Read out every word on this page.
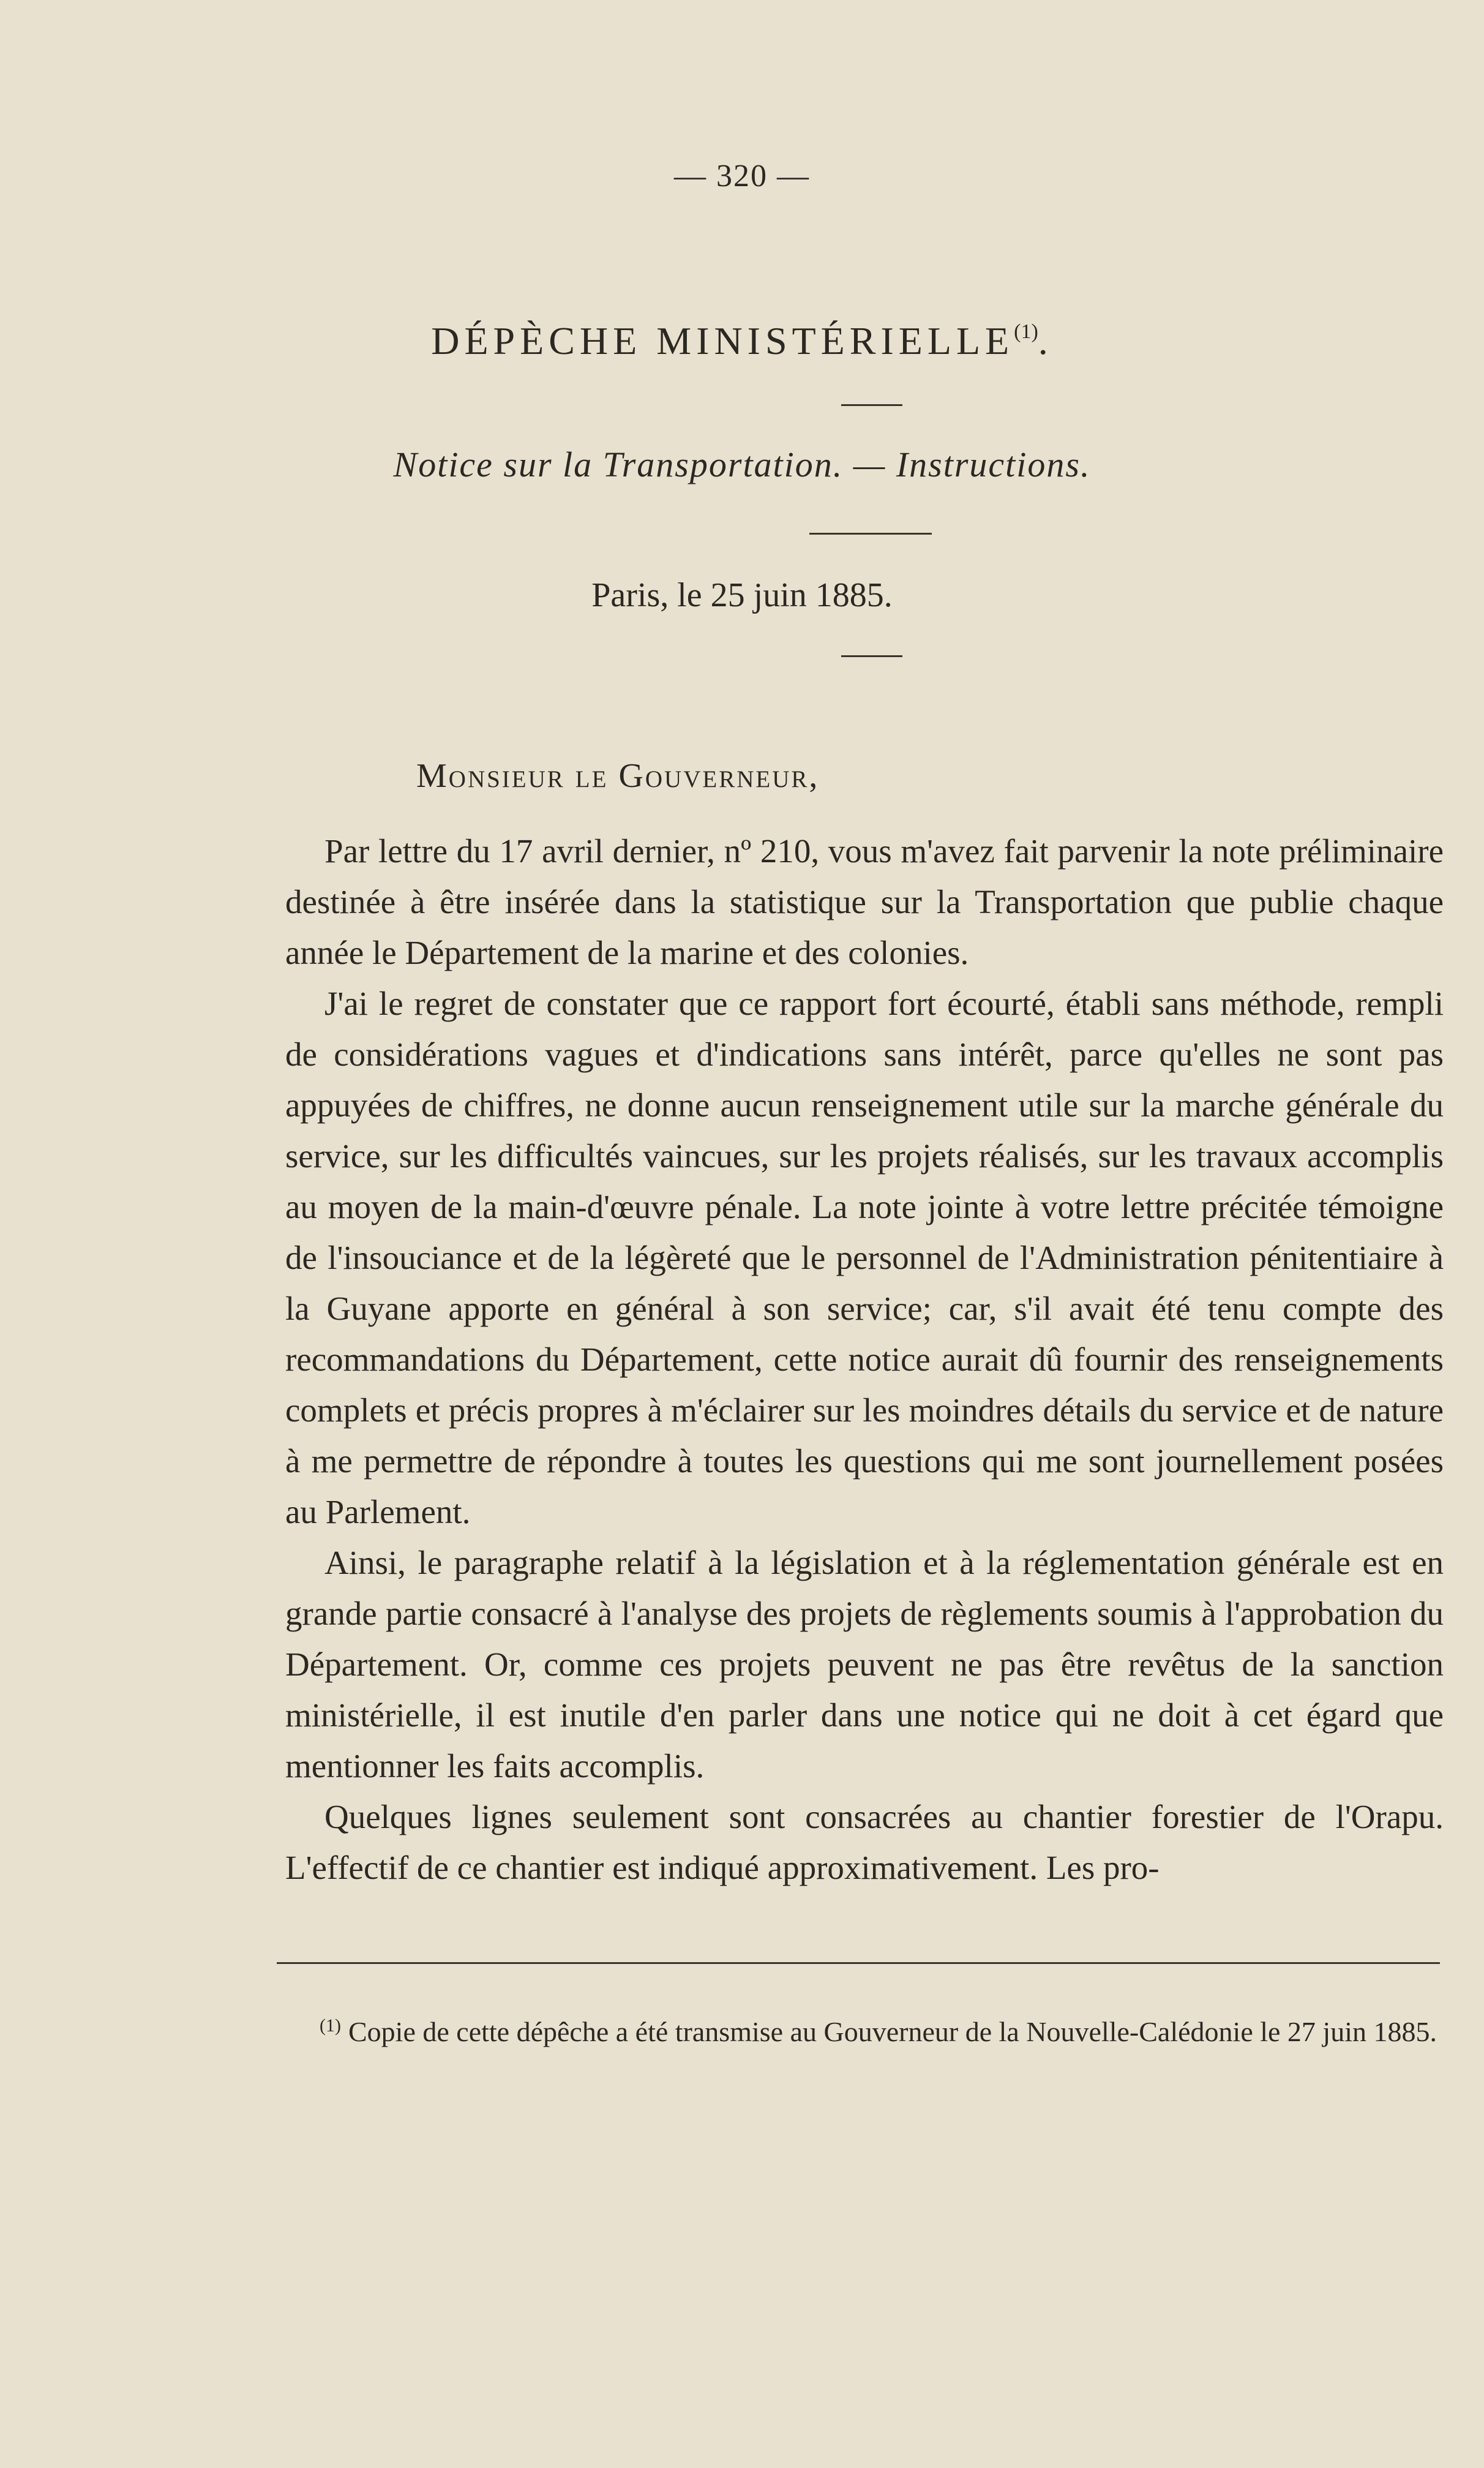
— 320 —
DÉPÈCHE MINISTÉRIELLE$^{(1)}$.
Notice sur la Transportation. — Instructions.
Paris, le 25 juin 1885.
Monsieur le Gouverneur,

Par lettre du 17 avril dernier, nº 210, vous m'avez fait parvenir la note préliminaire destinée à être insérée dans la statistique sur la Transportation que publie chaque année le Département de la marine et des colonies.

J'ai le regret de constater que ce rapport fort écourté, établi sans méthode, rempli de considérations vagues et d'indications sans intérêt, parce qu'elles ne sont pas appuyées de chiffres, ne donne aucun renseignement utile sur la marche générale du service, sur les difficultés vaincues, sur les projets réalisés, sur les travaux accomplis au moyen de la main-d'œuvre pénale. La note jointe à votre lettre précitée témoigne de l'insouciance et de la légèreté que le personnel de l'Administration pénitentiaire à la Guyane apporte en général à son service; car, s'il avait été tenu compte des recommandations du Département, cette notice aurait dû fournir des renseignements complets et précis propres à m'éclairer sur les moindres détails du service et de nature à me permettre de répondre à toutes les questions qui me sont journellement posées au Parlement.

Ainsi, le paragraphe relatif à la législation et à la réglementation générale est en grande partie consacré à l'analyse des projets de règlements soumis à l'approbation du Département. Or, comme ces projets peuvent ne pas être revêtus de la sanction ministérielle, il est inutile d'en parler dans une notice qui ne doit à cet égard que mentionner les faits accomplis.

Quelques lignes seulement sont consacrées au chantier forestier de l'Orapu. L'effectif de ce chantier est indiqué approximativement. Les pro-

$^{(1)}$ Copie de cette dépêche a été transmise au Gouverneur de la Nouvelle-Calédonie le 27 juin 1885.
